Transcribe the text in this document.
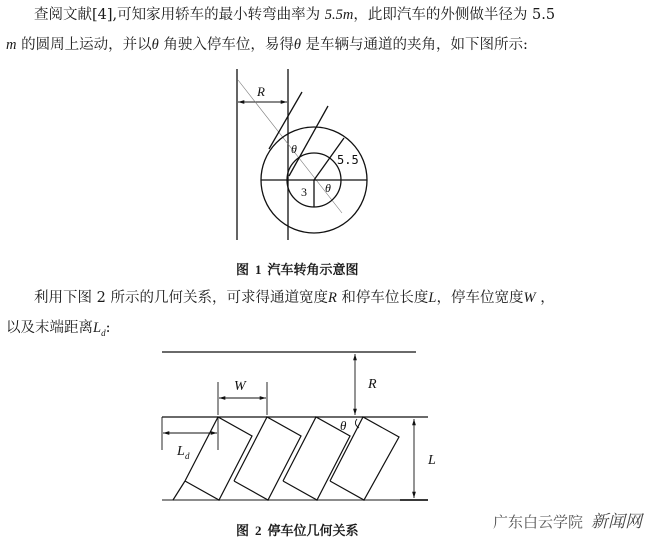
查阅文献[4],可知家用轿车的最小转弯曲率为 5.5m，此即汽车的外侧做半径为 5.5
m 的圆周上运动，并以θ 角驶入停车位，易得θ 是车辆与通道的夹角，如下图所示:
R
θ
5.5
3 θ
W	R
L
θ
L d
图 1 汽车转角示意图
利用下图 2 所示的几何关系，可求得通道宽度R 和停车位长度L，停车位宽度W ，
以及末端距离$L_d$:
图 2 停车位几何关系
广东白云学院 新闻网
